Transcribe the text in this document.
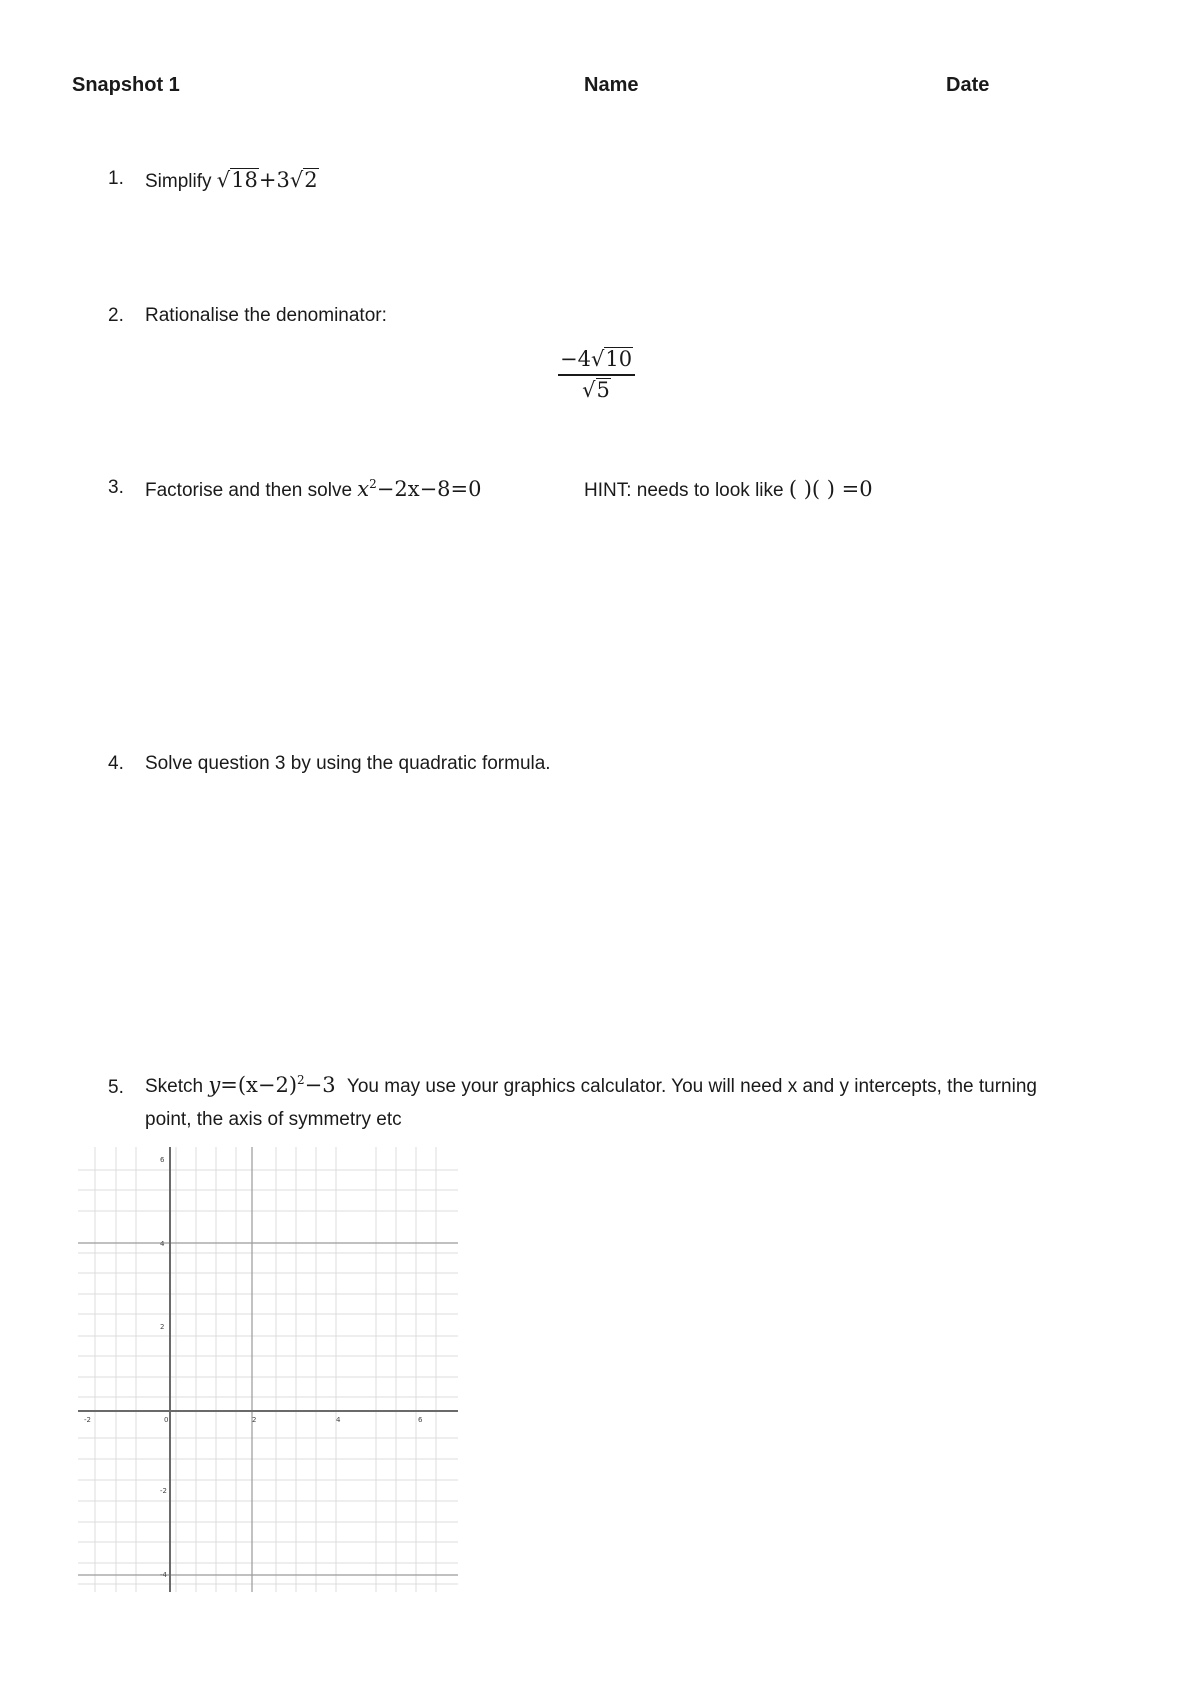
Snapshot 1	Name	Date
1. Simplify √18+3√2
2. Rationalise the denominator:
$\frac{-4√10}{√5}$
3. Factorise and then solve $x^2-2x-8=0$	HINT: needs to look like ( )( ) =0
4. Solve question 3 by using the quadratic formula.
5. Sketch $y=(x-2)^2-3$ You may use your graphics calculator. You will need x and y intercepts, the turning
point, the axis of symmetry etc
-2	0	2	4	6
6
4
2
-2
-4
